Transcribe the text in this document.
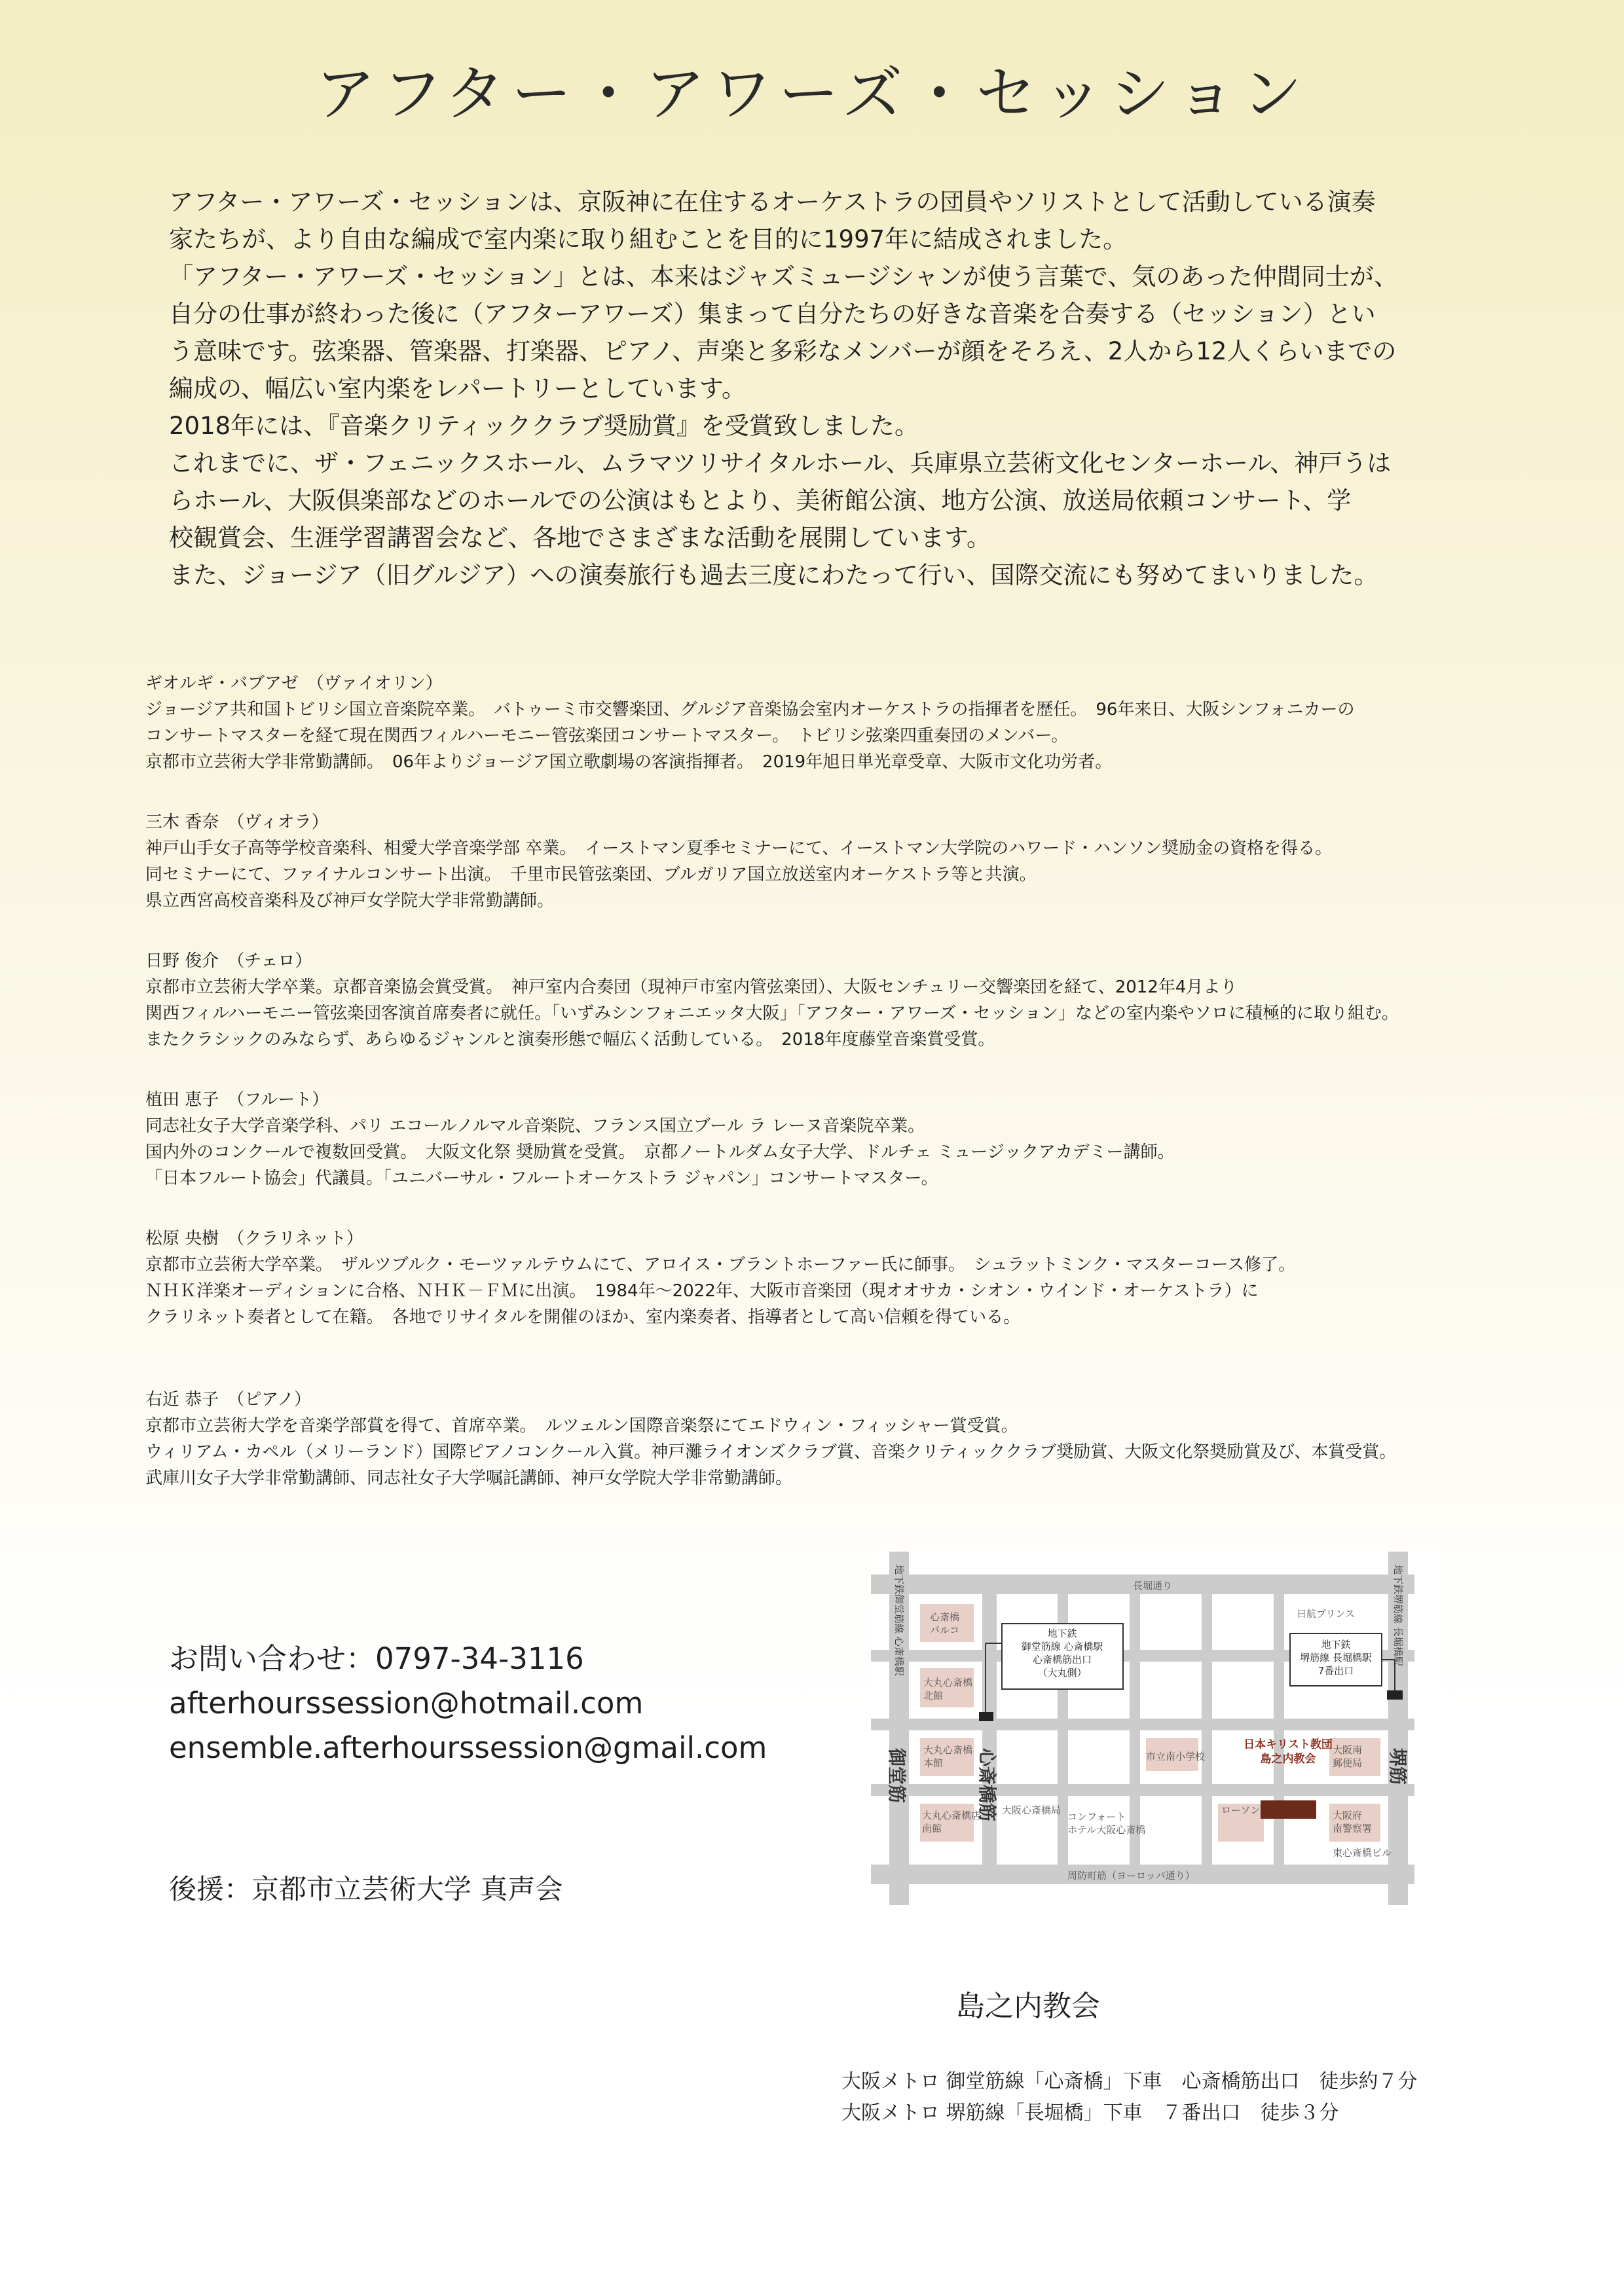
アフター・アワーズ・セッション

アフター・アワーズ・セッションは、京阪神に在住するオーケストラの団員やソリストとして活動している演奏

家たちが、より自由な編成で室内楽に取り組むことを目的に1997年に結成されました。

「アフター・アワーズ・セッション」とは、本来はジャズミュージシャンが使う言葉で、気のあった仲間同士が、

自分の仕事が終わった後に（アフターアワーズ）集まって自分たちの好きな音楽を合奏する（セッション）とい

う意味です。弦楽器、管楽器、打楽器、ピアノ、声楽と多彩なメンバーが顔をそろえ、2人から12人くらいまでの

編成の、幅広い室内楽をレパートリーとしています。

2018年には、『音楽クリティッククラブ奨励賞』を受賞致しました。

これまでに、ザ・フェニックスホール、ムラマツリサイタルホール、兵庫県立芸術文化センターホール、神戸うは

らホール、大阪倶楽部などのホールでの公演はもとより、美術館公演、地方公演、放送局依頼コンサート、学

校観賞会、生涯学習講習会など、各地でさまざまな活動を展開しています。

また、ジョージア（旧グルジア）への演奏旅行も過去三度にわたって行い、国際交流にも努めてまいりました。

ギオルギ・バブアゼ　（ヴァイオリン）

ジョージア共和国トビリシ国立音楽院卒業。　バトゥーミ市交響楽団、グルジア音楽協会室内オーケストラの指揮者を歴任。　96年来日、大阪シンフォニカーの

コンサートマスターを経て現在関西フィルハーモニー管弦楽団コンサートマスター。　トビリシ弦楽四重奏団のメンバー。

京都市立芸術大学非常勤講師。　06年よりジョージア国立歌劇場の客演指揮者。　2019年旭日単光章受章、大阪市文化功労者。

三木 香奈　（ヴィオラ）

神戸山手女子高等学校音楽科、相愛大学音楽学部 卒業。　イーストマン夏季セミナーにて、イーストマン大学院のハワード・ハンソン奨励金の資格を得る。

同セミナーにて、ファイナルコンサート出演。　千里市民管弦楽団、ブルガリア国立放送室内オーケストラ等と共演。

県立西宮高校音楽科及び神戸女学院大学非常勤講師。

日野 俊介　（チェロ）

京都市立芸術大学卒業。京都音楽協会賞受賞。　神戸室内合奏団（現神戸市室内管弦楽団）、大阪センチュリー交響楽団を経て、2012年4月より

関西フィルハーモニー管弦楽団客演首席奏者に就任。「いずみシンフォニエッタ大阪」「アフター・アワーズ・セッション」などの室内楽やソロに積極的に取り組む。

またクラシックのみならず、あらゆるジャンルと演奏形態で幅広く活動している。　2018年度藤堂音楽賞受賞。

植田 恵子　（フルート）

同志社女子大学音楽学科、パリ エコールノルマル音楽院、フランス国立ブール ラ レーヌ音楽院卒業。

国内外のコンクールで複数回受賞。　大阪文化祭 奨励賞を受賞。　京都ノートルダム女子大学、ドルチェ ミュージックアカデミー講師。

「日本フルート協会」代議員。「ユニバーサル・フルートオーケストラ ジャパン」コンサートマスター。

松原 央樹　（クラリネット）

京都市立芸術大学卒業。　ザルツブルク・モーツァルテウムにて、アロイス・ブラントホーファー氏に師事。　シュラットミンク・マスターコース修了。

ＮＨＫ洋楽オーディションに合格、ＮＨＫ－ＦＭに出演。　1984年～2022年、大阪市音楽団（現オオサカ・シオン・ウインド・オーケストラ）に

クラリネット奏者として在籍。　各地でリサイタルを開催のほか、室内楽奏者、指導者として高い信頼を得ている。

右近 恭子　（ピアノ）

京都市立芸術大学を音楽学部賞を得て、首席卒業。　ルツェルン国際音楽祭にてエドウィン・フィッシャー賞受賞。

ウィリアム・カペル（メリーランド）国際ピアノコンクール入賞。神戸灘ライオンズクラブ賞、音楽クリティッククラブ奨励賞、大阪文化祭奨励賞及び、本賞受賞。

武庫川女子大学非常勤講師、同志社女子大学嘱託講師、神戸女学院大学非常勤講師。

お問い合わせ：0797-34-3116

afterhourssession@hotmail.com

ensemble.afterhourssession@gmail.com

後援：京都市立芸術大学 真声会

長堀通り
周防町筋（ヨーロッパ通り）
日航プリンス
心斎橋
パルコ
大丸心斎橋
北館
大丸心斎橋
本館
大丸心斎橋店
南館
大阪心斎橋局
市立南小学校
コンフォート
ホテル大阪心斎橋
ローソン
大阪南
郵便局
大阪府
南警察署
東心斎橋ビル
地下鉄御堂筋線 心斎橋駅	地下鉄堺筋線 長堀橋駅
御堂筋	心斎橋筋	堺筋
地下鉄
御堂筋線 心斎橋駅
心斎橋筋出口
（大丸側）
地下鉄
堺筋線 長堀橋駅
7番出口
日本キリスト教団
島之内教会

島之内教会

大阪メトロ 御堂筋線「心斎橋」下車　心斎橋筋出口　徒歩約７分

大阪メトロ 堺筋線「長堀橋」下車　７番出口　徒歩３分
